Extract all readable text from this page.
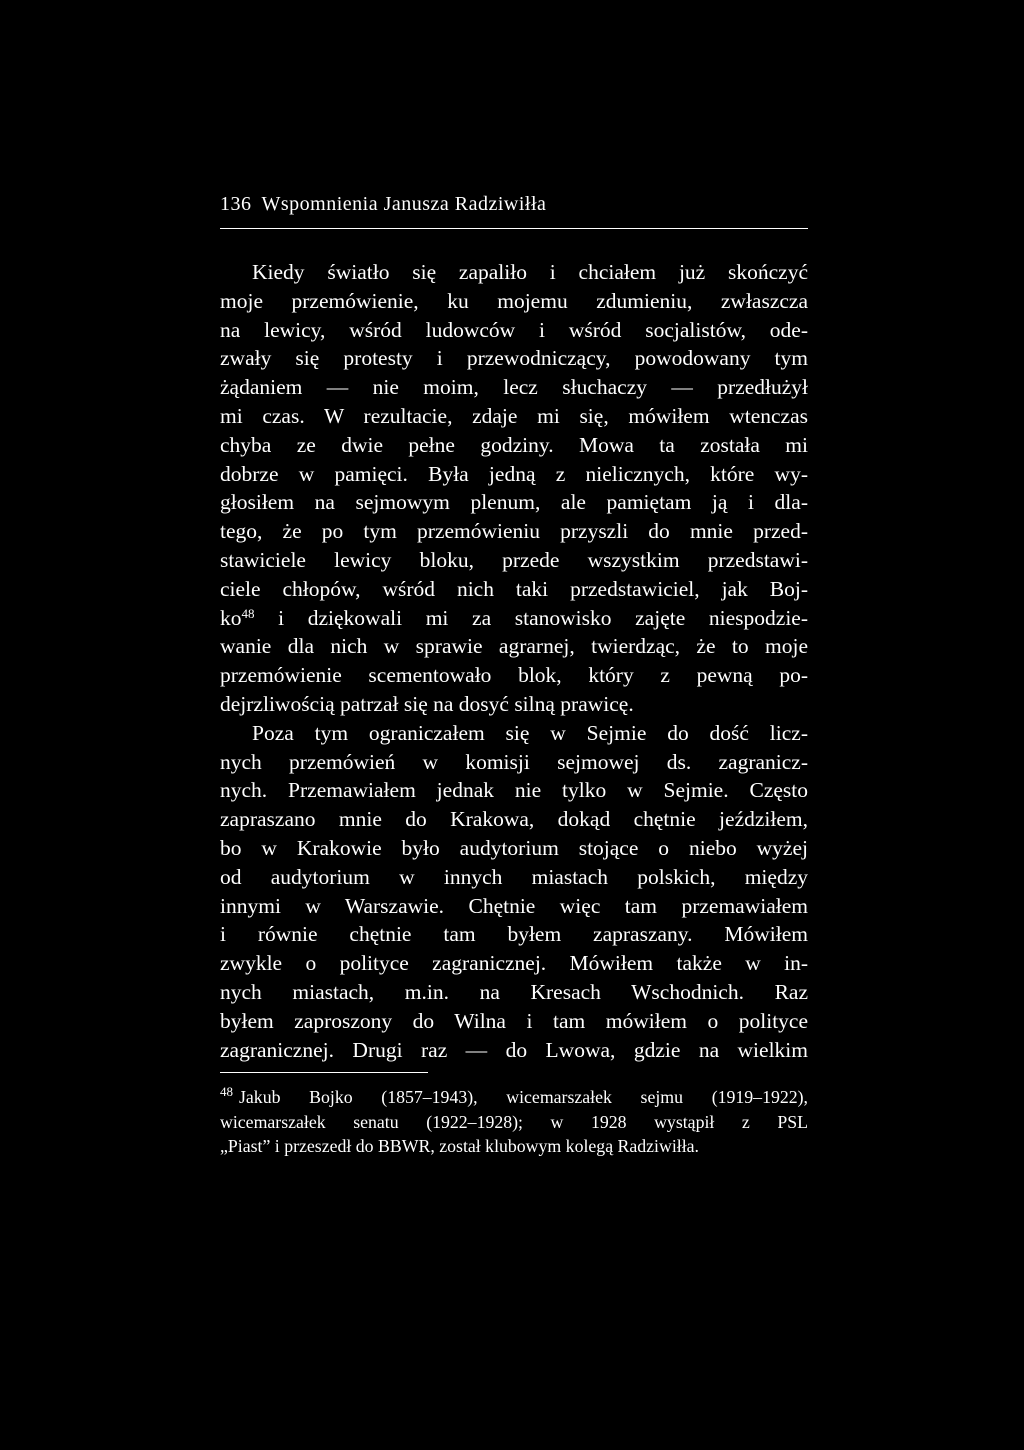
136 Wspomnienia Janusza Radziwiłła
Kiedy światło się zapaliło i chciałem już skończyć
moje przemówienie, ku mojemu zdumieniu, zwłaszcza
na lewicy, wśród ludowców i wśród socjalistów, ode-
zwały się protesty i przewodniczący, powodowany tym
żądaniem — nie moim, lecz słuchaczy — przedłużył
mi czas. W rezultacie, zdaje mi się, mówiłem wtenczas
chyba ze dwie pełne godziny. Mowa ta została mi
dobrze w pamięci. Była jedną z nielicznych, które wy-
głosiłem na sejmowym plenum, ale pamiętam ją i dla-
tego, że po tym przemówieniu przyszli do mnie przed-
stawiciele lewicy bloku, przede wszystkim przedstawi-
ciele chłopów, wśród nich taki przedstawiciel, jak Boj-
$ko^{48}$ i dziękowali mi za stanowisko zajęte niespodzie-
wanie dla nich w sprawie agrarnej, twierdząc, że to moje
przemówienie scementowało blok, który z pewną po-
dejrzliwością patrzał się na dosyć silną prawicę.
Poza tym ograniczałem się w Sejmie do dość licz-
nych przemówień w komisji sejmowej ds. zagranicz-
nych. Przemawiałem jednak nie tylko w Sejmie. Często
zapraszano mnie do Krakowa, dokąd chętnie jeździłem,
bo w Krakowie było audytorium stojące o niebo wyżej
od audytorium w innych miastach polskich, między
innymi w Warszawie. Chętnie więc tam przemawiałem
i równie chętnie tam byłem zapraszany. Mówiłem
zwykle o polityce zagranicznej. Mówiłem także w in-
nych miastach, m.in. na Kresach Wschodnich. Raz
byłem zaproszony do Wilna i tam mówiłem o polityce
zagranicznej. Drugi raz — do Lwowa, gdzie na wielkim
$^{48}$ Jakub Bojko (1857–1943), wicemarszałek sejmu (1919–1922),
wicemarszałek senatu (1922–1928); w 1928 wystąpił z PSL
„Piast” i przeszedł do BBWR, został klubowym kolegą Radziwiłła.
